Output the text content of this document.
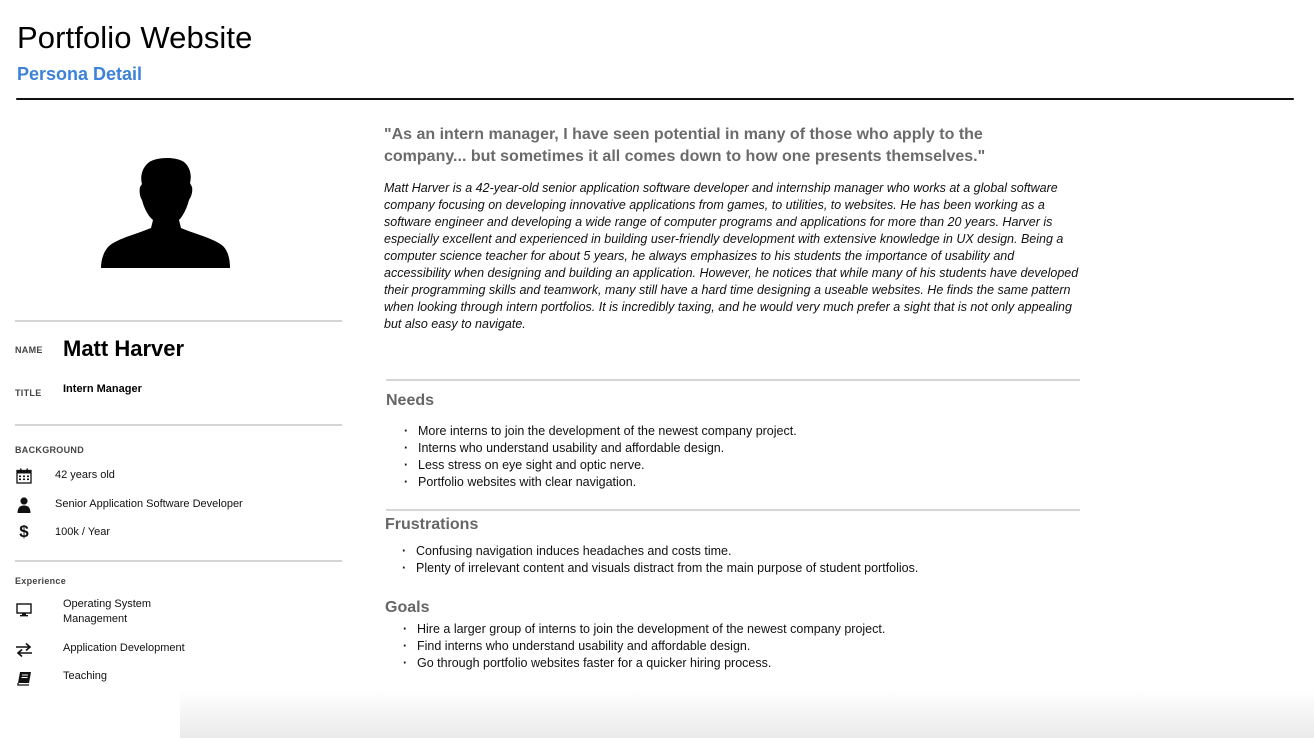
Portfolio Website
Persona Detail
NAME Matt Harver
TITLE Intern Manager
BACKGROUND
42 years old
Senior Application Software Developer
$	100k / Year
Experience
Operating System
Management
Application Development
Teaching
"As an intern manager, I have seen potential in many of those who apply to the company... but sometimes it all comes down to how one presents themselves."
Matt Harver is a 42-year-old senior application software developer and internship manager who works at a global software company focusing on developing innovative applications from games, to utilities, to websites. He has been working as a software engineer and developing a wide range of computer programs and applications for more than 20 years. Harver is especially excellent and experienced in building user-friendly development with extensive knowledge in UX design. Being a computer science teacher for about 5 years, he always emphasizes to his students the importance of usability and accessibility when designing and building an application. However, he notices that while many of his students have developed their programming skills and teamwork, many still have a hard time designing a useable websites. He finds the same pattern when looking through intern portfolios. It is incredibly taxing, and he would very much prefer a sight that is not only appealing but also easy to navigate.
Needs
· More interns to join the development of the newest company project.
· Interns who understand usability and affordable design.
· Less stress on eye sight and optic nerve.
· Portfolio websites with clear navigation.
Frustrations
· Confusing navigation induces headaches and costs time.
· Plenty of irrelevant content and visuals distract from the main purpose of student portfolios.
Goals
· Hire a larger group of interns to join the development of the newest company project.
· Find interns who understand usability and affordable design.
· Go through portfolio websites faster for a quicker hiring process.
